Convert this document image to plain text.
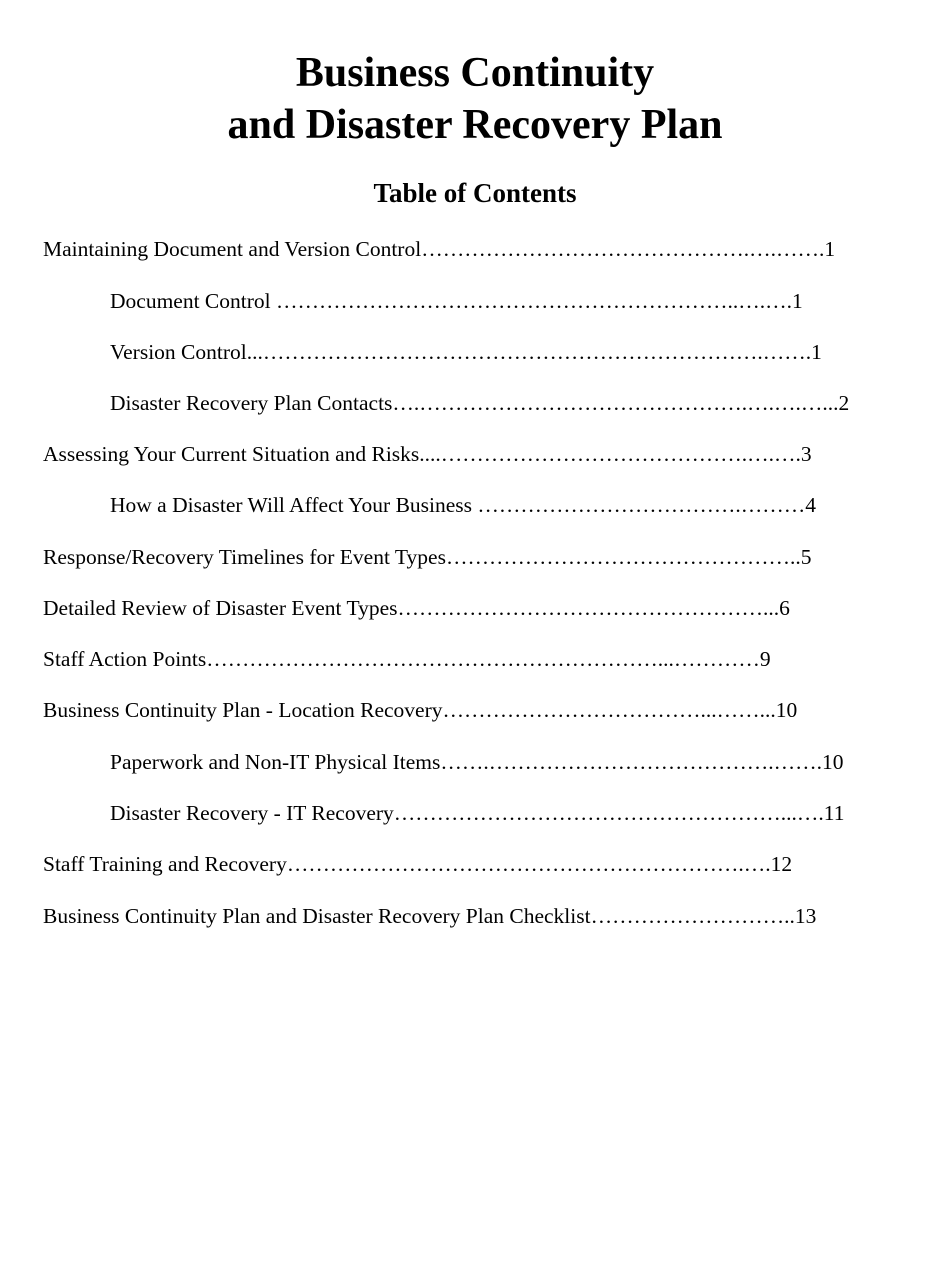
Business Continuity
and Disaster Recovery Plan
Table of Contents
Maintaining Document and Version Control……………………………………….….…….1
Document Control ………………………………………………………..….….1
Version Control...…………………………………………………………….…….1
Disaster Recovery Plan Contacts….……………………………………….….….…...2
Assessing Your Current Situation and Risks....…………………………………….….….3
How a Disaster Will Affect Your Business ……………………………….………4
Response/Recovery Timelines for Event Types…………………………………………..5
Detailed Review of Disaster Event Types……………………………………………...6
Staff Action Points………………………………………………………...…………9
Business Continuity Plan - Location Recovery………………………………...……...10
Paperwork and Non-IT Physical Items…….………………………………….…….10
Disaster Recovery - IT Recovery………………………………………………...….11
Staff Training and Recovery……………………………………………………….….12
Business Continuity Plan and Disaster Recovery Plan Checklist………………………..13
